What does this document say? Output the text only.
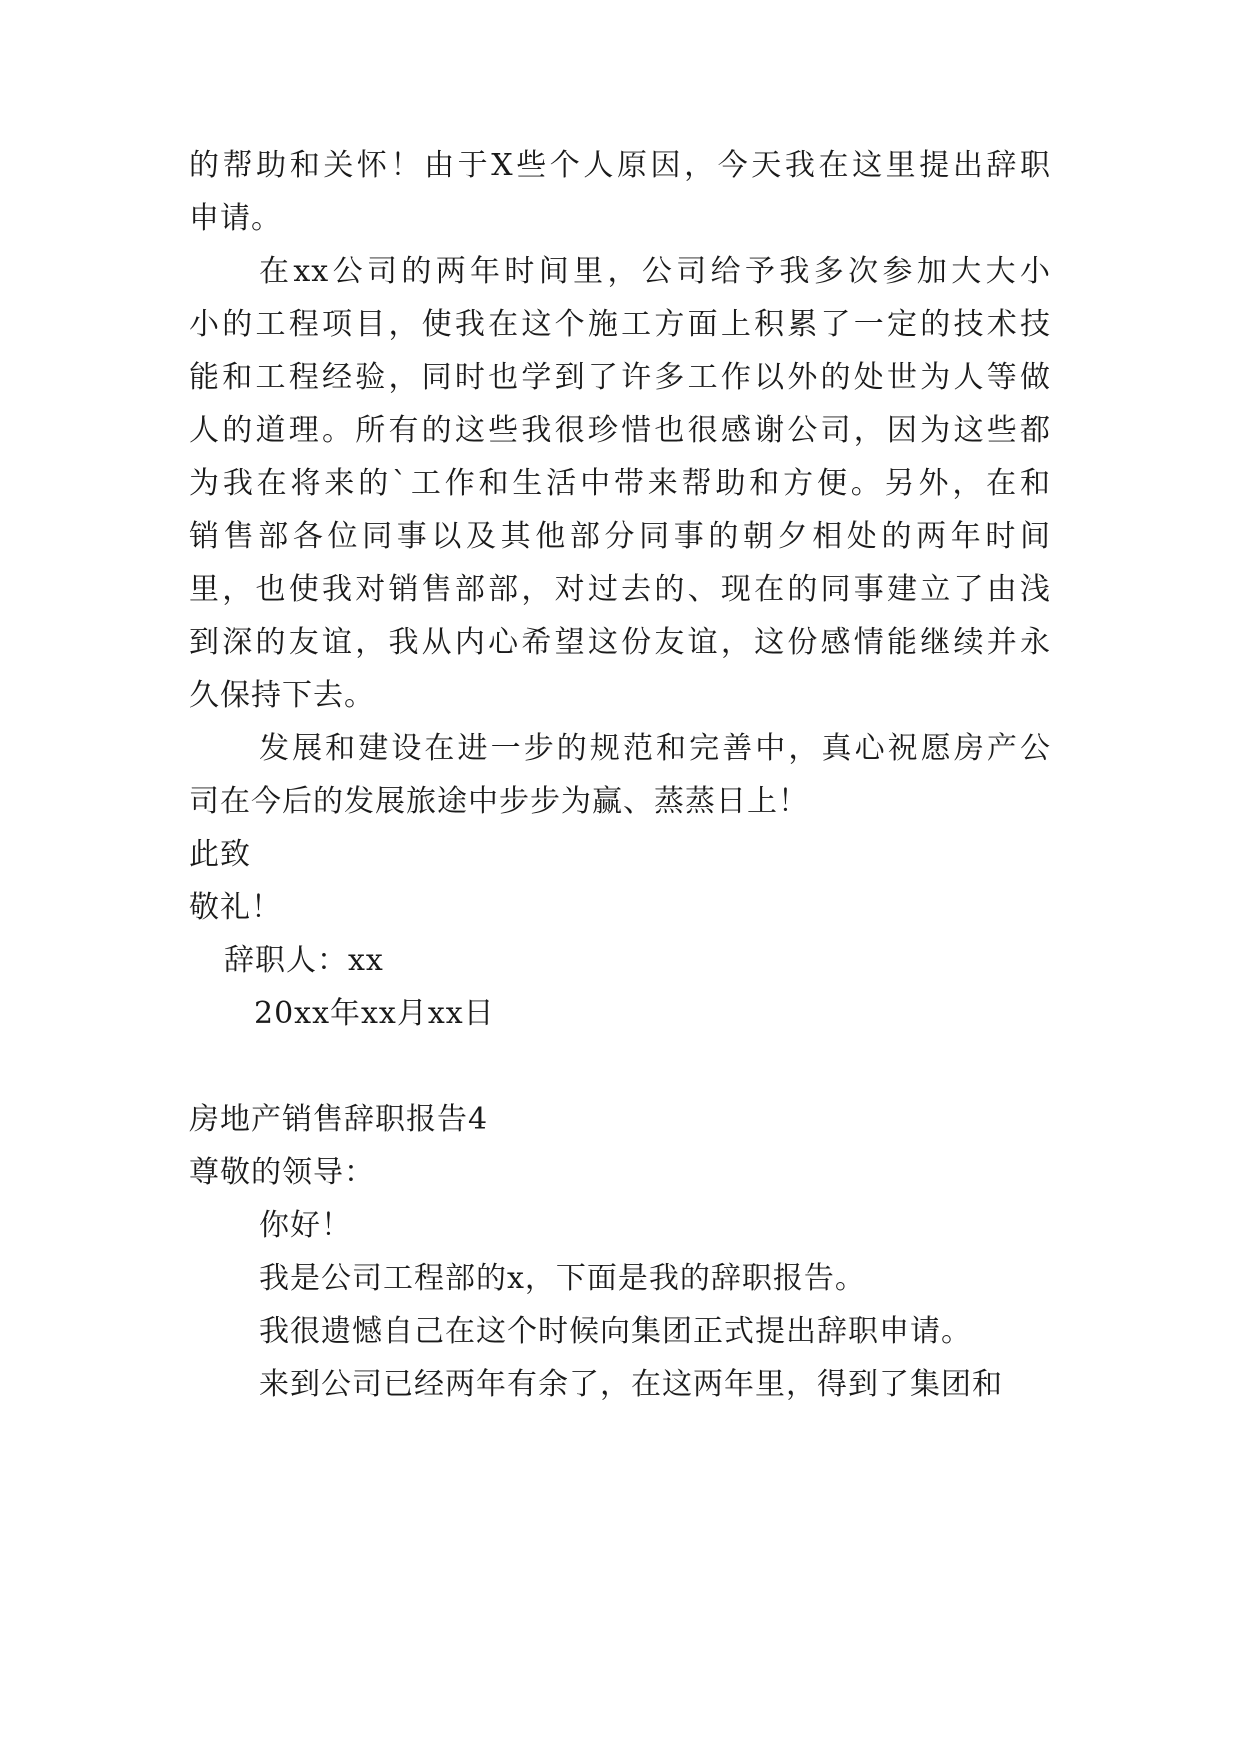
的帮助和关怀！由于X些个人原因，今天我在这里提出辞职
申请。
在xx公司的两年时间里，公司给予我多次参加大大小
小的工程项目，使我在这个施工方面上积累了一定的技术技
能和工程经验，同时也学到了许多工作以外的处世为人等做
人的道理。所有的这些我很珍惜也很感谢公司，因为这些都
为我在将来的`工作和生活中带来帮助和方便。另外，在和
销售部各位同事以及其他部分同事的朝夕相处的两年时间
里，也使我对销售部部，对过去的、现在的同事建立了由浅
到深的友谊，我从内心希望这份友谊，这份感情能继续并永
久保持下去。
发展和建设在进一步的规范和完善中，真心祝愿房产公
司在今后的发展旅途中步步为赢、蒸蒸日上！
此致
敬礼！
辞职人：xx
20xx年xx月xx日
房地产销售辞职报告4
尊敬的领导：
你好！
我是公司工程部的x，下面是我的辞职报告。
我很遗憾自己在这个时候向集团正式提出辞职申请。
来到公司已经两年有余了，在这两年里，得到了集团和
